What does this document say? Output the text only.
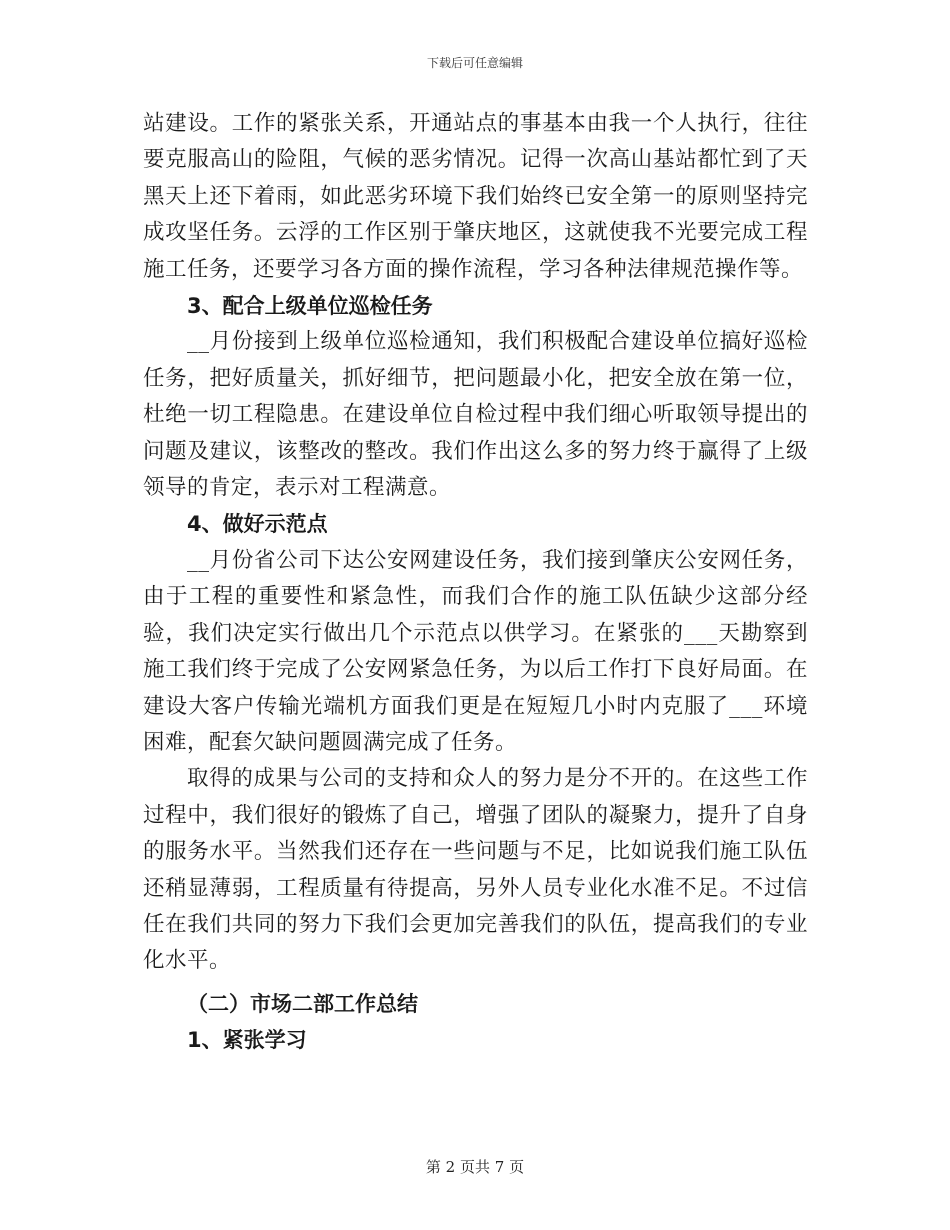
下载后可任意编辑

站建设。工作的紧张关系，开通站点的事基本由我一个人执行，往往要克服高山的险阻，气候的恶劣情况。记得一次高山基站都忙到了天黑天上还下着雨，如此恶劣环境下我们始终已安全第一的原则坚持完成攻坚任务。云浮的工作区别于肇庆地区，这就使我不光要完成工程施工任务，还要学习各方面的操作流程，学习各种法律规范操作等。

3、配合上级单位巡检任务

__月份接到上级单位巡检通知，我们积极配合建设单位搞好巡检任务，把好质量关，抓好细节，把问题最小化，把安全放在第一位，杜绝一切工程隐患。在建设单位自检过程中我们细心听取领导提出的问题及建议，该整改的整改。我们作出这么多的努力终于赢得了上级领导的肯定，表示对工程满意。

4、做好示范点

__月份省公司下达公安网建设任务，我们接到肇庆公安网任务，由于工程的重要性和紧急性，而我们合作的施工队伍缺少这部分经验，我们决定实行做出几个示范点以供学习。在紧张的___天勘察到施工我们终于完成了公安网紧急任务，为以后工作打下良好局面。在建设大客户传输光端机方面我们更是在短短几小时内克服了___环境困难，配套欠缺问题圆满完成了任务。

取得的成果与公司的支持和众人的努力是分不开的。在这些工作过程中，我们很好的锻炼了自己，增强了团队的凝聚力，提升了自身的服务水平。当然我们还存在一些问题与不足，比如说我们施工队伍还稍显薄弱，工程质量有待提高，另外人员专业化水准不足。不过信任在我们共同的努力下我们会更加完善我们的队伍，提高我们的专业化水平。

（二）市场二部工作总结

1、紧张学习

第 2 页共 7 页
